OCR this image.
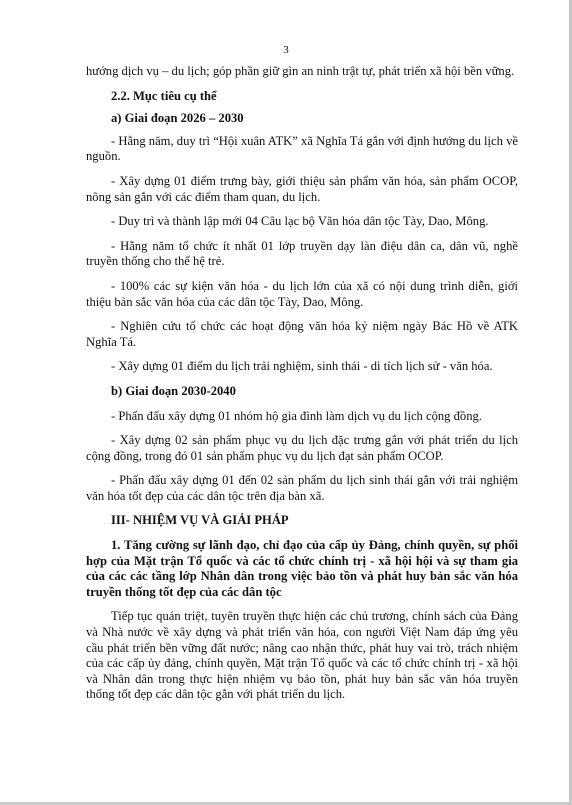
3

hướng dịch vụ – du lịch; góp phần giữ gìn an ninh trật tự, phát triển xã hội bền vững.

2.2. Mục tiêu cụ thể

a) Giai đoạn 2026 – 2030

- Hằng năm, duy trì “Hội xuân ATK” xã Nghĩa Tá gắn với định hướng du lịch về nguồn.

- Xây dựng 01 điểm trưng bày, giới thiệu sản phẩm văn hóa, sản phẩm OCOP, nông sản gắn với các điểm tham quan, du lịch.

- Duy trì và thành lập mới 04 Câu lạc bộ Văn hóa dân tộc Tày, Dao, Mông.

- Hằng năm tổ chức ít nhất 01 lớp truyền dạy làn điệu dân ca, dân vũ, nghề truyền thống cho thế hệ trẻ.

- 100% các sự kiện văn hóa - du lịch lớn của xã có nội dung trình diễn, giới thiệu bản sắc văn hóa của các dân tộc Tày, Dao, Mông.

- Nghiên cứu tổ chức các hoạt động văn hóa kỷ niệm ngày Bác Hồ về ATK Nghĩa Tá.

- Xây dựng 01 điểm du lịch trải nghiệm, sinh thái - di tích lịch sử - văn hóa.

b) Giai đoạn 2030-2040

- Phấn đấu xây dựng 01 nhóm hộ gia đình làm dịch vụ du lịch cộng đồng.

- Xây dựng 02 sản phẩm phục vụ du lịch đặc trưng gắn với phát triển du lịch cộng đồng, trong đó 01 sản phẩm phục vụ du lịch đạt sản phẩm OCOP.

- Phấn đấu xây dựng 01 đến 02 sản phẩm du lịch sinh thái gắn với trải nghiệm văn hóa tốt đẹp của các dân tộc trên địa bàn xã.

III- NHIỆM VỤ VÀ GIẢI PHÁP

1. Tăng cường sự lãnh đạo, chỉ đạo của cấp ủy Đảng, chính quyền, sự phối hợp của Mặt trận Tổ quốc và các tổ chức chính trị - xã hội hội và sự tham gia của các các tầng lớp Nhân dân trong việc bảo tồn và phát huy bản sắc văn hóa truyền thống tốt đẹp của các dân tộc

Tiếp tục quán triệt, tuyên truyền thực hiện các chủ trương, chính sách của Đảng và Nhà nước về xây dựng và phát triển văn hóa, con người Việt Nam đáp ứng yêu cầu phát triển bền vững đất nước; nâng cao nhận thức, phát huy vai trò, trách nhiệm của các cấp ủy đảng, chính quyền, Mặt trận Tổ quốc và các tổ chức chính trị - xã hội và Nhân dân trong thực hiện nhiệm vụ bảo tồn, phát huy bản sắc văn hóa truyền thống tốt đẹp các dân tộc gắn với phát triển du lịch.
